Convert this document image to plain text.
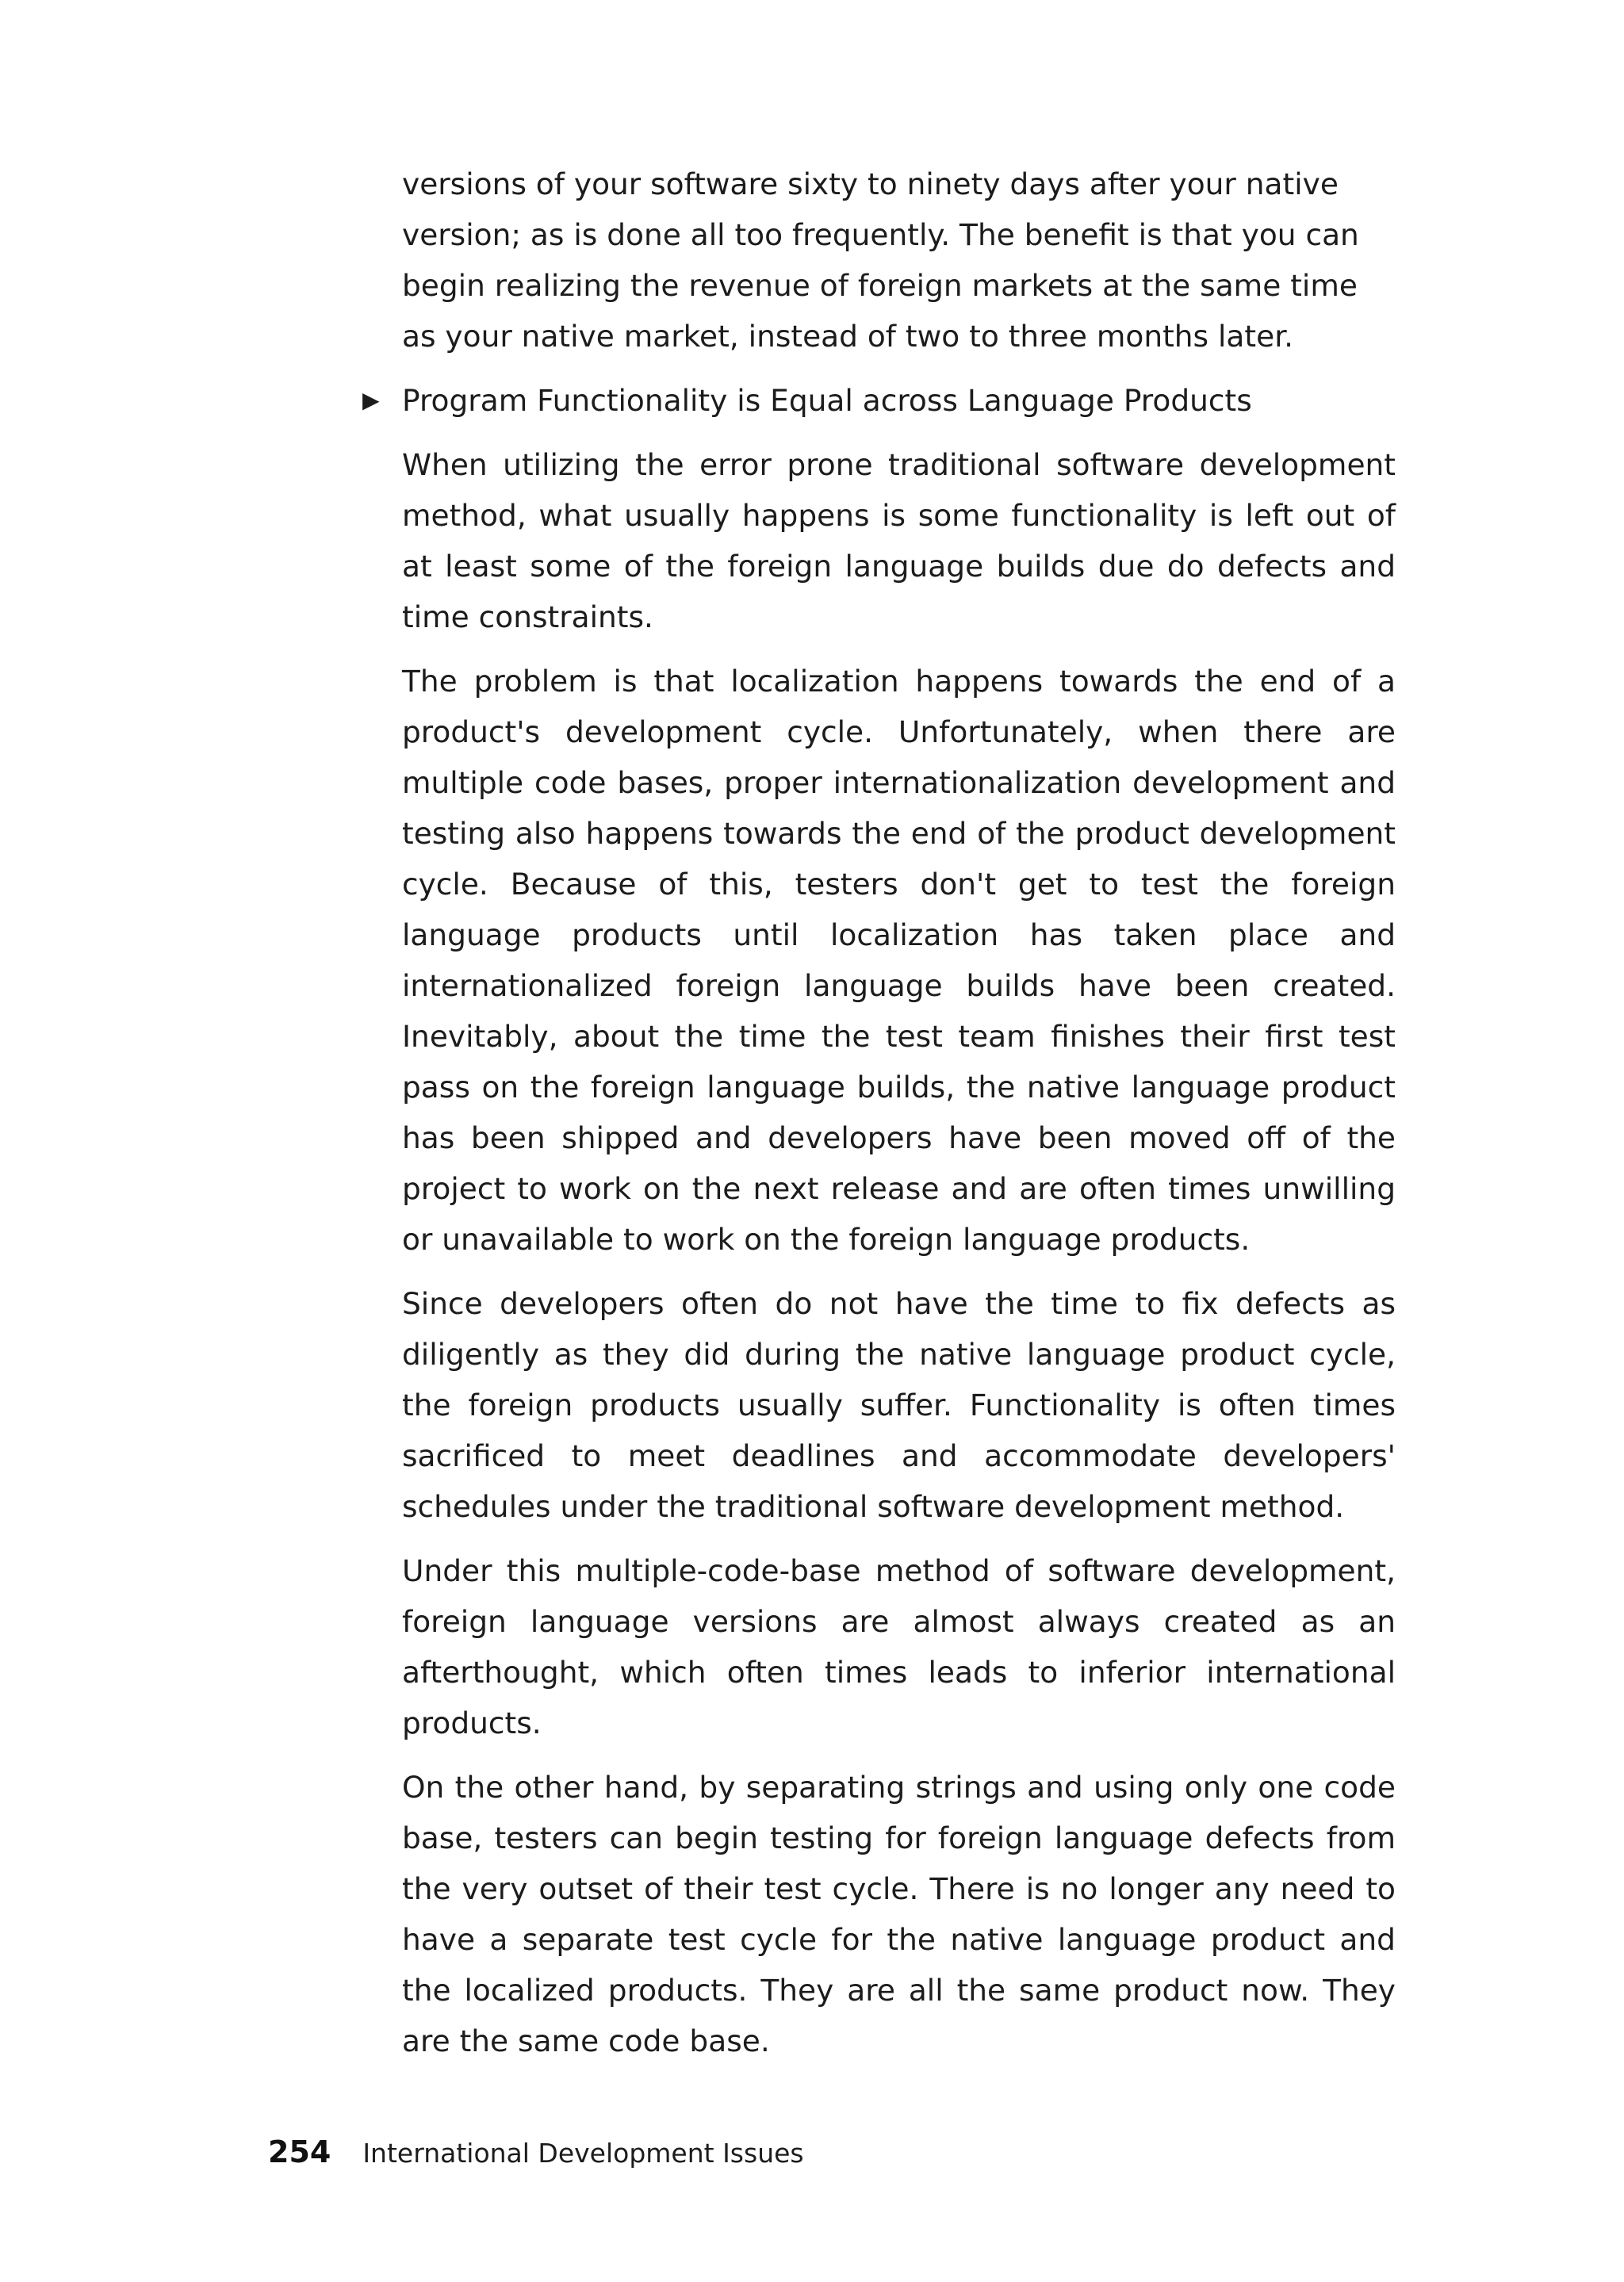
versions of your software sixty to ninety days after your native version; as is done all too frequently. The benefit is that you can begin realizing the revenue of foreign markets at the same time as your native market, instead of two to three months later.

▶ Program Functionality is Equal across Language Products

When utilizing the error prone traditional software development method, what usually happens is some functionality is left out of at least some of the foreign language builds due do defects and time constraints.

The problem is that localization happens towards the end of a product's development cycle. Unfortunately, when there are multiple code bases, proper internationalization development and testing also happens towards the end of the product development cycle. Because of this, testers don't get to test the foreign language products until localization has taken place and internationalized foreign language builds have been created. Inevitably, about the time the test team finishes their first test pass on the foreign language builds, the native language product has been shipped and developers have been moved off of the project to work on the next release and are often times unwilling or unavailable to work on the foreign language products.

Since developers often do not have the time to fix defects as diligently as they did during the native language product cycle, the foreign products usually suffer. Functionality is often times sacrificed to meet deadlines and accommodate developers' schedules under the traditional software development method.

Under this multiple-code-base method of software development, foreign language versions are almost always created as an afterthought, which often times leads to inferior international products.

On the other hand, by separating strings and using only one code base, testers can begin testing for foreign language defects from the very outset of their test cycle. There is no longer any need to have a separate test cycle for the native language product and the localized products. They are all the same product now. They are the same code base.

254 International Development Issues
